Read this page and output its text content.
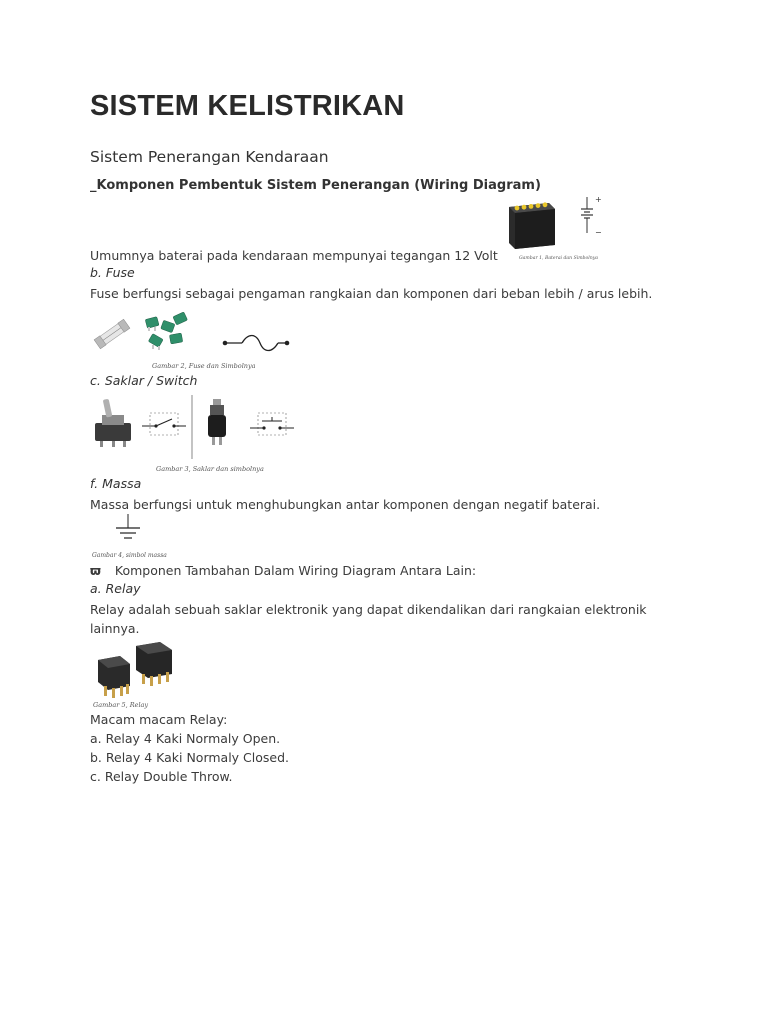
SISTEM KELISTRIKAN
Sistem Penerangan Kendaraan
_Komponen Pembentuk Sistem Penerangan (Wiring Diagram)
+
−
Gambar 1, Baterai dan Simbolnya
Umumnya baterai pada kendaraan mempunyai tegangan 12 Volt
b. Fuse
Fuse berfungsi sebagai pengaman rangkaian dan komponen dari beban lebih / arus lebih.
Gambar 2, Fuse dan Simbolnya
c. Saklar / Switch
Gambar 3, Saklar dan simbolnya
f. Massa
Massa berfungsi untuk menghubungkan antar komponen dengan negatif baterai.
Gambar 4, simbol massa
ϖ Komponen Tambahan Dalam Wiring Diagram Antara Lain:
a. Relay
Relay adalah sebuah saklar elektronik yang dapat dikendalikan dari rangkaian elektronik lainnya.
Gambar 5, Relay
Macam macam Relay:
a. Relay 4 Kaki Normaly Open.
b. Relay 4 Kaki Normaly Closed.
c. Relay Double Throw.
